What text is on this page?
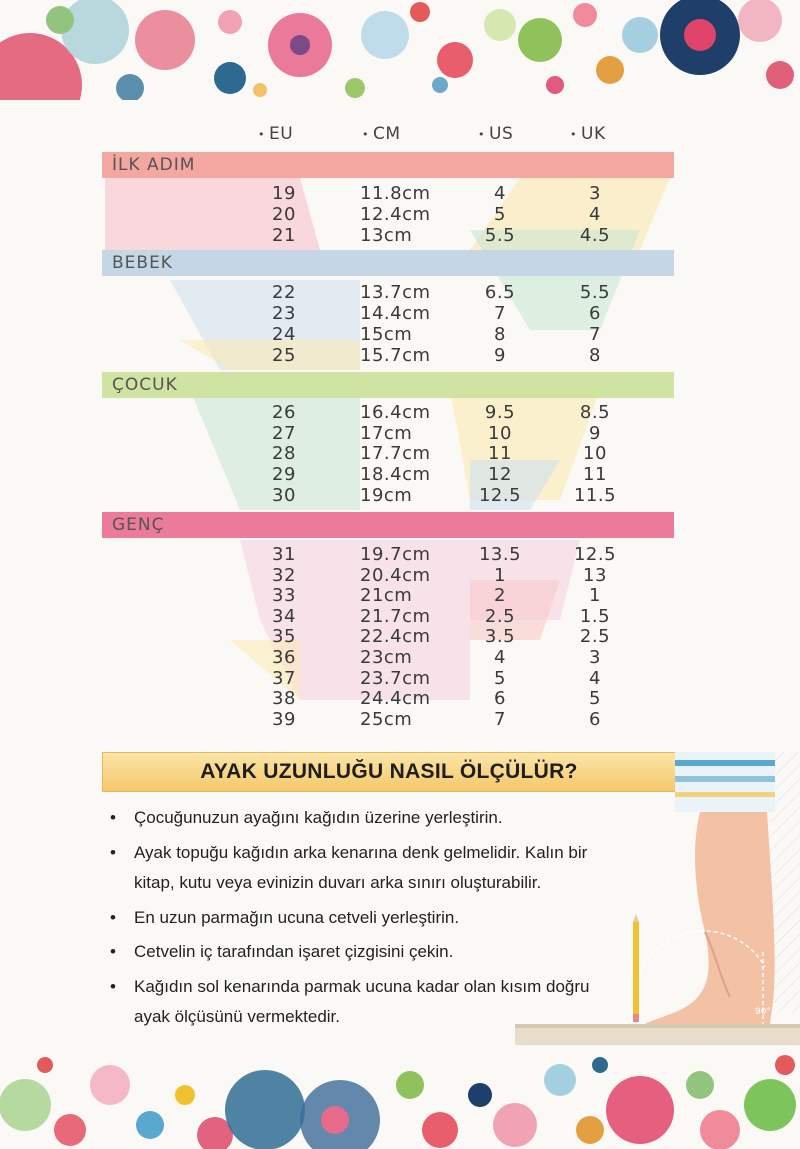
• EU	• CM	• US	• UK
İLK ADIM
19	11.8cm	4	3
20	12.4cm	5	4
21	13cm	5.5	4.5
BEBEK
22	13.7cm	6.5	5.5
23	14.4cm	7	6
24	15cm	8	7
25	15.7cm	9	8
ÇOCUK
26	16.4cm	9.5	8.5
27	17cm	10	9
28	17.7cm	11	10
29	18.4cm	12	11
30	19cm	12.5	11.5
GENÇ
31	19.7cm	13.5	12.5
32	20.4cm	1	13
33	21cm	2	1
34	21.7cm	2.5	1.5
35	22.4cm	3.5	2.5
36	23cm	4	3
37	23.7cm	5	4
38	24.4cm	6	5
39	25cm	7	6
AYAK UZUNLUĞU NASIL ÖLÇÜLÜR?
90°
• Çocuğunuzun ayağını kağıdın üzerine yerleştirin.
• Ayak topuğu kağıdın arka kenarına denk gelmelidir. Kalın bir kitap, kutu veya evinizin duvarı arka sınırı oluşturabilir.
• En uzun parmağın ucuna cetveli yerleştirin.
• Cetvelin iç tarafından işaret çizgisini çekin.
• Kağıdın sol kenarında parmak ucuna kadar olan kısım doğru ayak ölçüsünü vermektedir.
